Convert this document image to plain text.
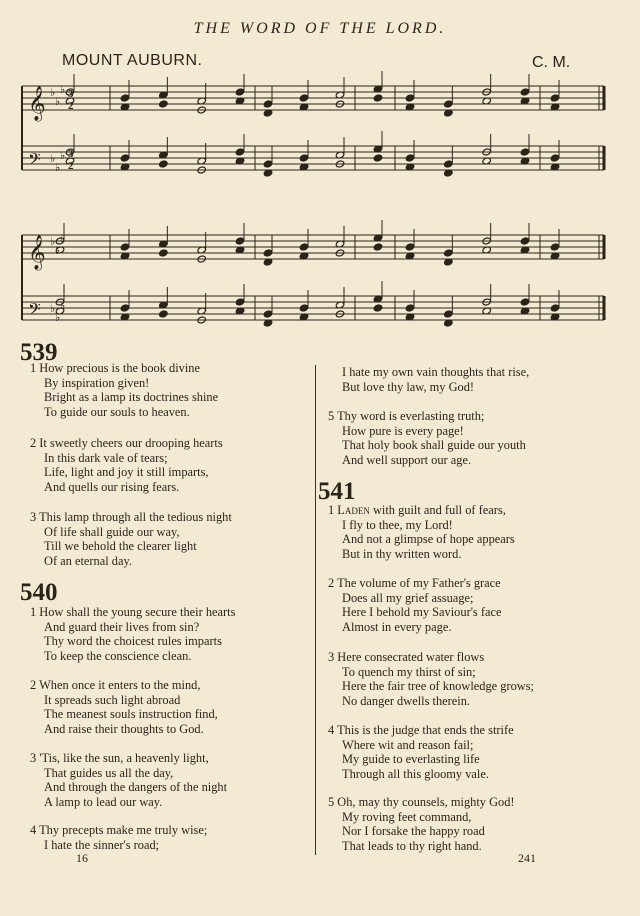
THE WORD OF THE LORD.
MOUNT AUBURN.	C. M.
𝄞 ♭
♭
♭ 3
2
𝄢 ♭
♭
♭ 3
2
𝄞 ♭
♭
♭
𝄢 ♭
♭
♭
539
1 How precious is the book divine
By inspiration given!
Bright as a lamp its doctrines shine
To guide our souls to heaven.
2 It sweetly cheers our drooping hearts
In this dark vale of tears;
Life, light and joy it still imparts,
And quells our rising fears.
3 This lamp through all the tedious night
Of life shall guide our way,
Till we behold the clearer light
Of an eternal day.
540
1 How shall the young secure their hearts
And guard their lives from sin?
Thy word the choicest rules imparts
To keep the conscience clean.
2 When once it enters to the mind,
It spreads such light abroad
The meanest souls instruction find,
And raise their thoughts to God.
3 'Tis, like the sun, a heavenly light,
That guides us all the day,
And through the dangers of the night
A lamp to lead our way.
4 Thy precepts make me truly wise;
I hate the sinner's road;
16
I hate my own vain thoughts that rise,
But love thy law, my God!
5 Thy word is everlasting truth;
How pure is every page!
That holy book shall guide our youth
And well support our age.
541
1 Laden with guilt and full of fears,
I fly to thee, my Lord!
And not a glimpse of hope appears
But in thy written word.
2 The volume of my Father's grace
Does all my grief assuage;
Here I behold my Saviour's face
Almost in every page.
3 Here consecrated water flows
To quench my thirst of sin;
Here the fair tree of knowledge grows;
No danger dwells therein.
4 This is the judge that ends the strife
Where wit and reason fail;
My guide to everlasting life
Through all this gloomy vale.
5 Oh, may thy counsels, mighty God!
My roving feet command,
Nor I forsake the happy road
That leads to thy right hand.
241
